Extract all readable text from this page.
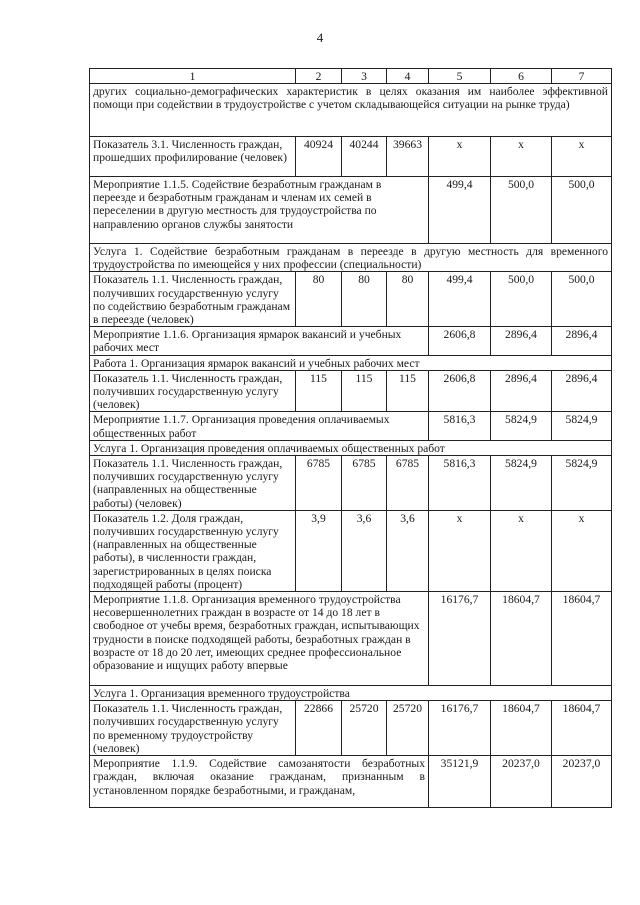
4
1	2	3	4	5	6	7
других социально-демографических характеристик в целях оказания им наиболее эффективной помощи при содействии в трудоустройстве с учетом складывающейся ситуации на рынке труда)						
Показатель 3.1. Численность граждан, прошедших профилирование (человек)	40924	40244	39663	x	x	x
Мероприятие 1.1.5. Содействие безработным гражданам в переезде и безработным гражданам и членам их семей в переселении в другую местность для трудоустройства по направлению органов службы занятости				499,4	500,0	500,0
Услуга 1. Содействие безработным гражданам в переезде в другую местность для временного трудоустройства по имеющейся у них профессии (специальности)						
Показатель 1.1. Численность граждан, получивших государственную услугу по содействию безработным гражданам в переезде (человек)	80	80	80	499,4	500,0	500,0
Мероприятие 1.1.6. Организация ярмарок вакансий и учебных рабочих мест				2606,8	2896,4	2896,4
Работа 1. Организация ярмарок вакансий и учебных рабочих мест						
Показатель 1.1. Численность граждан, получивших государственную услугу (человек)	115	115	115	2606,8	2896,4	2896,4
Мероприятие 1.1.7. Организация проведения оплачиваемых общественных работ				5816,3	5824,9	5824,9
Услуга 1. Организация проведения оплачиваемых общественных работ						
Показатель 1.1. Численность граждан, получивших государственную услугу (направленных на общественные работы) (человек)	6785	6785	6785	5816,3	5824,9	5824,9
Показатель 1.2. Доля граждан, получивших государственную услугу (направленных на общественные работы), в численности граждан, зарегистрированных в целях поиска подходящей работы (процент)	3,9	3,6	3,6	x	x	x
Мероприятие 1.1.8. Организация временного трудоустройства несовершеннолетних граждан в возрасте от 14 до 18 лет в свободное от учебы время, безработных граждан, испытывающих трудности в поиске подходящей работы, безработных граждан в возрасте от 18 до 20 лет, имеющих среднее профессиональное образование и ищущих работу впервые				16176,7	18604,7	18604,7
Услуга 1. Организация временного трудоустройства						
Показатель 1.1. Численность граждан, получивших государственную услугу по временному трудоустройству (человек)	22866	25720	25720	16176,7	18604,7	18604,7
Мероприятие 1.1.9. Содействие самозанятости безработных граждан, включая оказание гражданам, признанным в установленном порядке безработными, и гражданам,				35121,9	20237,0	20237,0
